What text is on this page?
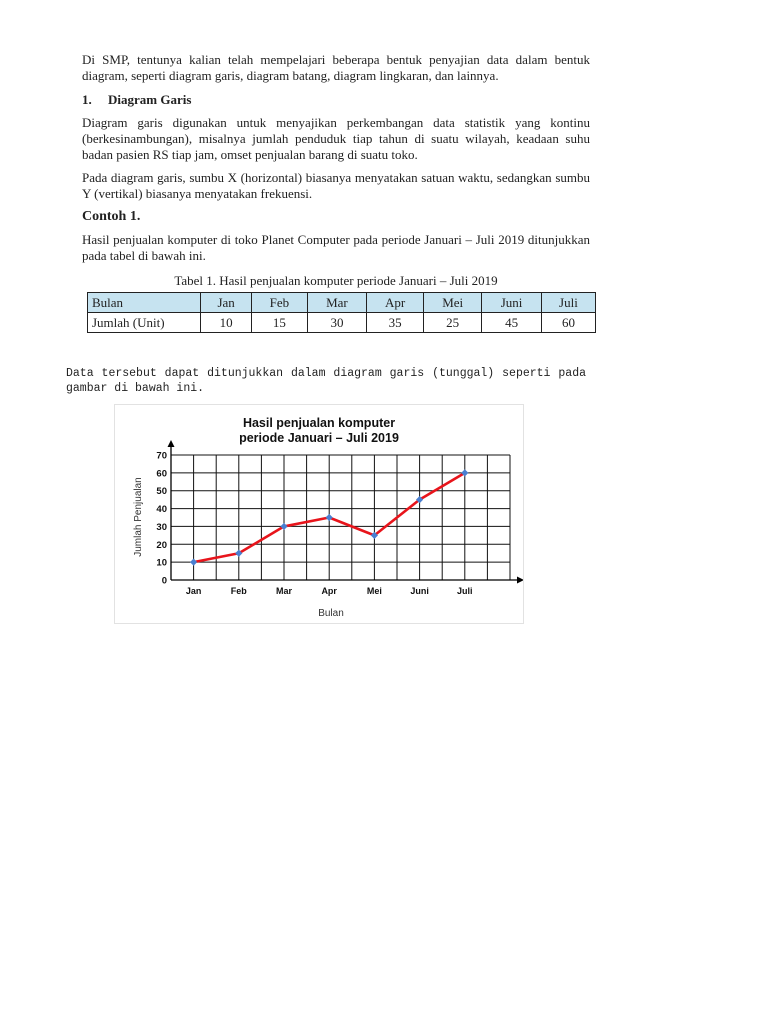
Di SMP, tentunya kalian telah mempelajari beberapa bentuk penyajian data dalam bentuk diagram, seperti diagram garis, diagram batang, diagram lingkaran, dan lainnya.

1. Diagram Garis

Diagram garis digunakan untuk menyajikan perkembangan data statistik yang kontinu (berkesinambungan), misalnya jumlah penduduk tiap tahun di suatu wilayah, keadaan suhu badan pasien RS tiap jam, omset penjualan barang di suatu toko.

Pada diagram garis, sumbu X (horizontal) biasanya menyatakan satuan waktu, sedangkan sumbu Y (vertikal) biasanya menyatakan frekuensi.

Contoh 1.

Hasil penjualan komputer di toko Planet Computer pada periode Januari – Juli 2019 ditunjukkan pada tabel di bawah ini.

Tabel 1. Hasil penjualan komputer periode Januari – Juli 2019
Bulan	Jan	Feb	Mar	Apr	Mei	Juni	Juli
Jumlah (Unit)	10	15	30	35	25	45	60

Data tersebut dapat ditunjukkan dalam diagram garis (tunggal) seperti pada gambar di bawah ini.

Hasil penjualan komputer
periode Januari – Juli 2019
Bulan
Jumlah Penjualan
0
10
20
30
40
50
60
70
Jan	Feb	Mar	Apr	Mei	Juni	Juli
